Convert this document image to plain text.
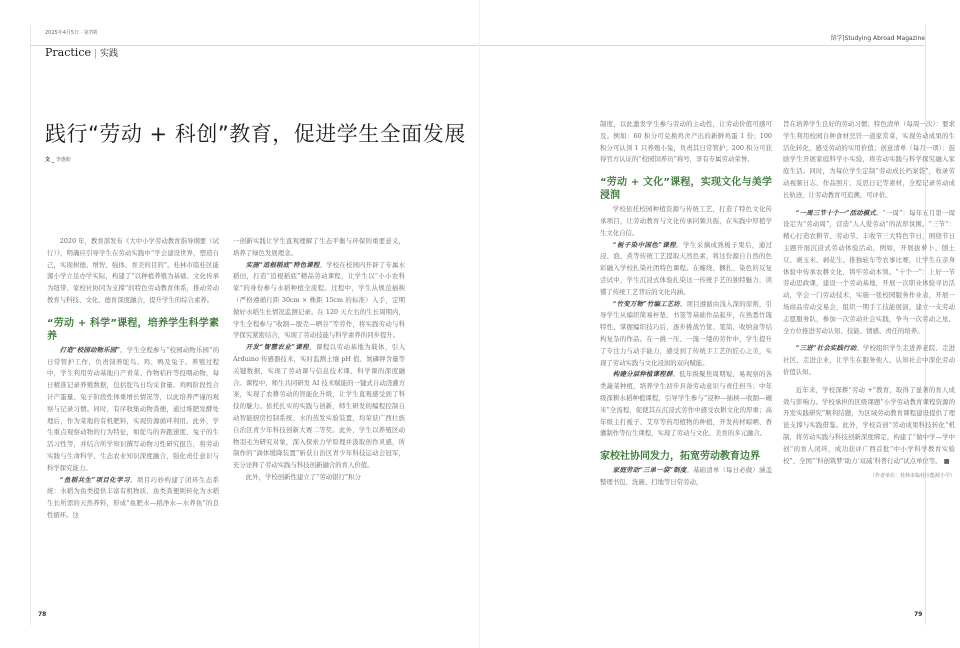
2025年4月5日 · 第7期
Practice | 实践
践行“劳动 + 科创”教育，促进学生全面发展
文 _ 李惠盼

2020 年，教育部发布《大中小学劳动教育指导纲要（试行）》，明确应引导学生在劳动实践中“学会建设世界，塑造自己，实现树德、增智、强体、育美的目的”。桂林市临桂区能源小学立足办学实际，构建了“以种植养殖为基础、文化传承为纽带、家校社协同为支撑”的特色劳动教育体系，推动劳动教育与科技、文化、德育深度融合，提升学生的综合素养。

“劳动 + 科学”课程，培养学生科学素养

打造“校园动物乐园”。学生全程参与“校园动物乐园”的日常管护工作，负责饲养鸵鸟、鸡、鸭及兔子。养殖过程中，学生利用劳动基地自产青菜、作物秸秆等投喂动物，每日精准记录养殖数据，包括鸵鸟日均采食量、鸡鸭阶段性合计产蛋量、兔子阶段性体重增长情况等，以此培养严谨的观察与记录习惯。同时，有序收集动物粪便，通过堆肥发酵处理后，作为菜地的有机肥料，实现资源循环利用。此外，学生重点观察动物的行为特征，如鸵鸟的奔跑速度、兔子的生活习性等，并结合所学知识撰写动物习性研究报告，将劳动实践与生命科学、生态农业知识深度融合，强化责任意识与科学探究能力。

“鱼稻共生”项目化学习。项目巧妙构建了闭环生态系统：水稻为鱼类提供丰富有机物质，鱼类粪便则转化为水稻生长所需的天然养料，形成“鱼肥水—稻净水—水养鱼”的良性循环。这

一创新实践让学生直观理解了生态平衡与环保的重要意义，培养了绿色发展理念。

实施“追根稻底”特色课程。学校在校园内开辟了专属水稻田，打造“追根稻底”精品劳动课程，让学生以“小小农科家”的身份参与水稻种植全流程。过程中，学生从规范插秧（严格遵循行距 30cm × 株距 15cm 的标准）入手，定期做好水稻生长情况监测记录。在 120 天左右的生长周期内，学生全程参与“收割—脱壳—晒谷”等劳作，将实践劳动与科学探究紧密结合，实现了劳动技能与科学素养的同步提升。

开发“智慧农业”课程。课程以劳动基地为载体，引入 Arduino 传感器技术，实时监测土壤 pH 值、氮磷钾含量等关键数据，实现了劳动课与信息技术课、科学课的深度融合。课程中，师生共同研发 AI 技术赋能的一键式自动浇灌方案，实现了农耕劳动的智能化升级，让学生直观感受到了科技的魅力。依托扎实的实践与创新，师生研发的编程控制自动智能厨房控制系统、水的蒸发实验装置，均荣获广西壮族自治区青少年科技创新大赛二等奖。此外，学生以养殖区动物羽毛为研究对象，深入探索力学原理并汲取创作灵感，所制作的“滴体缓降装置”斩获自治区青少年科技运动会冠军，充分诠释了劳动实践与科技创新融合的育人价值。

此外，学校创新性建立了“劳动银行”积分

78
留学|Studying Abroad Magazine

制度，以此激发学生参与劳动的主动性，让劳动价值可感可及。例如：60 积分可兑换鸡舍产出的新鲜鸡蛋 1 份；100 积分可认领 1 只养殖小兔，负责其日常管护；200 积分可获得官方认证的“校园饲养员”称号，享有专属劳动荣誉。

“劳动 + 文化”课程，实现文化与美学浸润

学校依托校园种植资源与传统工艺，打造了特色文化传承项目，让劳动教育与文化传承同频共振，在实践中厚植学生文化自信。

“栀子染中国色”课程。学生采摘成熟栀子果后，通过浸、泡、煮等传统工艺提取天然色素，将这份源自自然的色彩融入学校扎染社团特色课程。在缠绕、捆扎、染色的反复尝试中，学生沉浸式体验扎染这一传统手艺的独特魅力，读懂了传统工艺背后的文化内涵。

“竹变万物”竹编工艺坊。项目遵循由浅入深的原则，引导学生从编织简易杯垫、书签等基础作品起步，在熟悉竹篾特性、掌握编织技巧后，逐步挑战竹筐、笔筒、收纳盒等结构复杂的作品。在一挑一压、一篾一缕的劳作中，学生提升了专注力与动手能力，感受到了传统手工艺的匠心之美，实现了劳动实践与文化浸润的双向赋能。

构建分层种植课程群。低年级聚焦周期短、易观察的各类蔬菜种植，培养学生初步具备劳动意识与责任担当；中年级深耕水稻种植课程，引导学生参与“浸种—插秧—收割—碾米”全流程，促使其在沉浸式劳作中感受农耕文化的厚重；高年级主打栀子、艾草等药用植物的种植，开发药材晾晒、香囊制作等衍生课程，实现了劳动与文化、美育的多元融合。

家校社协同发力，拓宽劳动教育边界

家庭劳动“三单一袋”制度。基础清单（每日必做）涵盖整理书包、洗碗、扫地等日常劳动，

旨在培养学生良好的劳动习惯；特色清单（每周一次）：要求学生利用校园自种食材烹饪一道家常菜，实现劳动成果的生活化转化，感受劳动的实用价值；创意清单（每月一项）：鼓励学生开展家庭科学小实验，将劳动实践与科学探究融入家庭生活。同时，为每位学生定制“劳动成长档案袋”，收录劳动视频日志、作品照片、反思日记等素材，全程记录劳动成长轨迹，让劳动教育可追溯、可评价。

“一周三节十个一”活动模式。“一周”：每年五月第一周设定为“劳动周”，营造“人人爱劳动”的浓厚氛围。“三节”：精心打造农耕节、劳动节、丰收节三大特色节日，围绕节日主题开展沉浸式劳动体验活动，例如，开展拔萝卜、刨土豆、剥玉米、剥花生、推独轮车等农事比赛，让学生在亲身体验中传承农耕文化，铸牢劳动本领。“十个一”：上好一节劳动思政课，建设一个劳动基地，开展一次职业体验寻访活动，学会一门劳动技术，实施一张校园服务作业表，开展一场商品劳动交易会，组织一期手工技能展演，建立一支劳动志愿服务队，参加一次劳动社会实践，争当一次劳动之星，全方位推进劳动认知、技能、情感、责任的培养。

“三进”社会实践行动。学校组织学生走进养老院、走进社区、走进企业，让学生在服务他人、认知社会中深化劳动价值认知。

近年来，学校深耕“劳动 +”教育，取得了显著的育人成效与影响力。学校承担的区级课题“小学劳动教育课程资源的开发实践研究”顺利结题，为区域劳动教育课程建设提供了理论支撑与实践借鉴。此外，学校首创“劳动成果科技转化”机制，将劳动实践与科技创新深度绑定，构建了“做中学—学中创”的育人闭环，成功获评广西首批“中小学科学教育实验校”、全国“‘科创筑梦’助力‘双减’科普行动”试点单位等。 ■

（作者单位：桂林市临桂区能源小学）

79
